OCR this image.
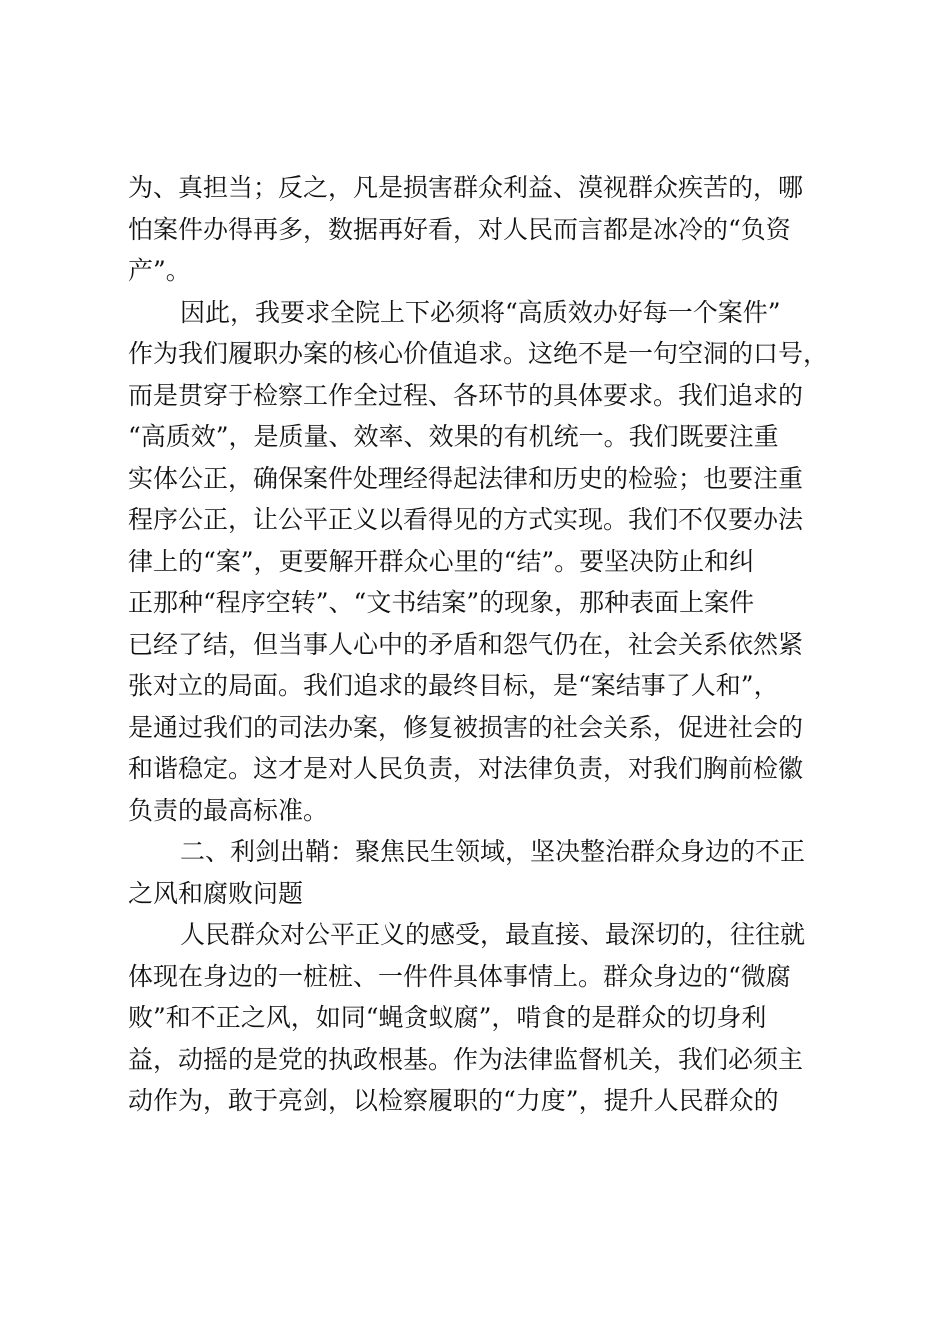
为、真担当；反之，凡是损害群众利益、漠视群众疾苦的，哪
怕案件办得再多，数据再好看，对人民而言都是冰冷的“负资
产”。
因此，我要求全院上下必须将“高质效办好每一个案件”
作为我们履职办案的核心价值追求。这绝不是一句空洞的口号，
而是贯穿于检察工作全过程、各环节的具体要求。我们追求的
“高质效”，是质量、效率、效果的有机统一。我们既要注重
实体公正，确保案件处理经得起法律和历史的检验；也要注重
程序公正，让公平正义以看得见的方式实现。我们不仅要办法
律上的“案”，更要解开群众心里的“结”。要坚决防止和纠
正那种“程序空转”、“文书结案”的现象，那种表面上案件
已经了结，但当事人心中的矛盾和怨气仍在，社会关系依然紧
张对立的局面。我们追求的最终目标，是“案结事了人和”，
是通过我们的司法办案，修复被损害的社会关系，促进社会的
和谐稳定。这才是对人民负责，对法律负责，对我们胸前检徽
负责的最高标准。
二、利剑出鞘：聚焦民生领域，坚决整治群众身边的不正
之风和腐败问题
人民群众对公平正义的感受，最直接、最深切的，往往就
体现在身边的一桩桩、一件件具体事情上。群众身边的“微腐
败”和不正之风，如同“蝇贪蚁腐”，啃食的是群众的切身利
益，动摇的是党的执政根基。作为法律监督机关，我们必须主
动作为，敢于亮剑，以检察履职的“力度”，提升人民群众的
